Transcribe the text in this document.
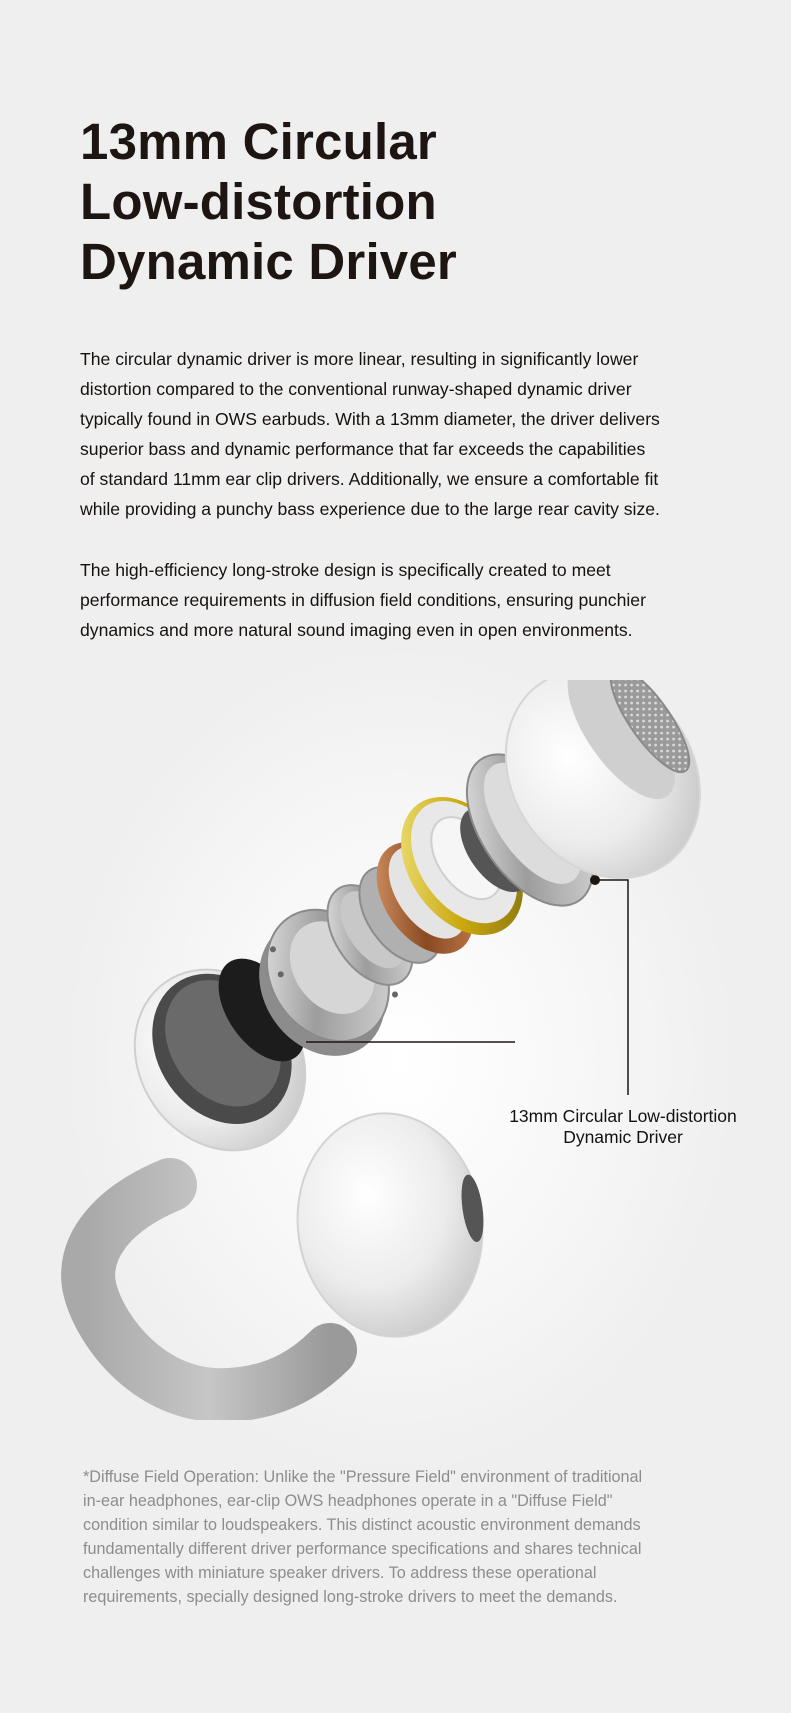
13mm Circular
Low-distortion
Dynamic Driver

The circular dynamic driver is more linear, resulting in significantly lower
distortion compared to the conventional runway-shaped dynamic driver
typically found in OWS earbuds. With a 13mm diameter, the driver delivers
superior bass and dynamic performance that far exceeds the capabilities
of standard 11mm ear clip drivers. Additionally, we ensure a comfortable fit
while providing a punchy bass experience due to the large rear cavity size.

The high-efficiency long-stroke design is specifically created to meet
performance requirements in diffusion field conditions, ensuring punchier
dynamics and more natural sound imaging even in open environments.

13mm Circular Low-distortion
Dynamic Driver

*Diffuse Field Operation: Unlike the "Pressure Field" environment of traditional
in-ear headphones, ear-clip OWS headphones operate in a "Diffuse Field"
condition similar to loudspeakers. This distinct acoustic environment demands
fundamentally different driver performance specifications and shares technical
challenges with miniature speaker drivers. To address these operational
requirements, specially designed long-stroke drivers to meet the demands.
